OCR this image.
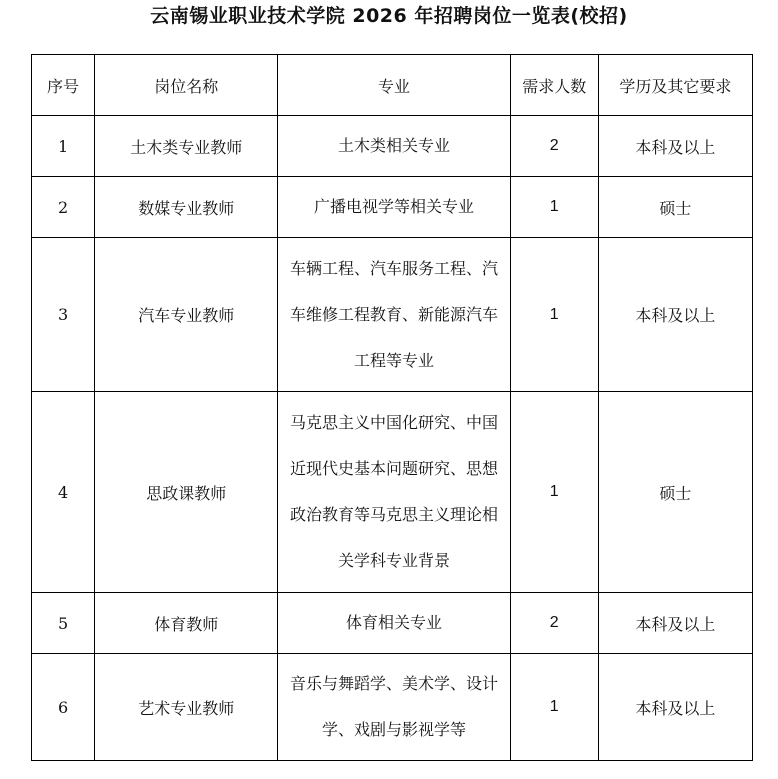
云南锡业职业技术学院 2026 年招聘岗位一览表(校招)
序号	岗位名称	专业	需求人数	学历及其它要求
1	土木类专业教师	土木类相关专业	2	本科及以上
2	数媒专业教师	广播电视学等相关专业	1	硕士
3	汽车专业教师	车辆工程、汽车服务工程、汽车维修工程教育、新能源汽车工程等专业	1	本科及以上
4	思政课教师	马克思主义中国化研究、中国近现代史基本问题研究、思想政治教育等马克思主义理论相关学科专业背景	1	硕士
5	体育教师	体育相关专业	2	本科及以上
6	艺术专业教师	音乐与舞蹈学、美术学、设计学、戏剧与影视学等	1	本科及以上
